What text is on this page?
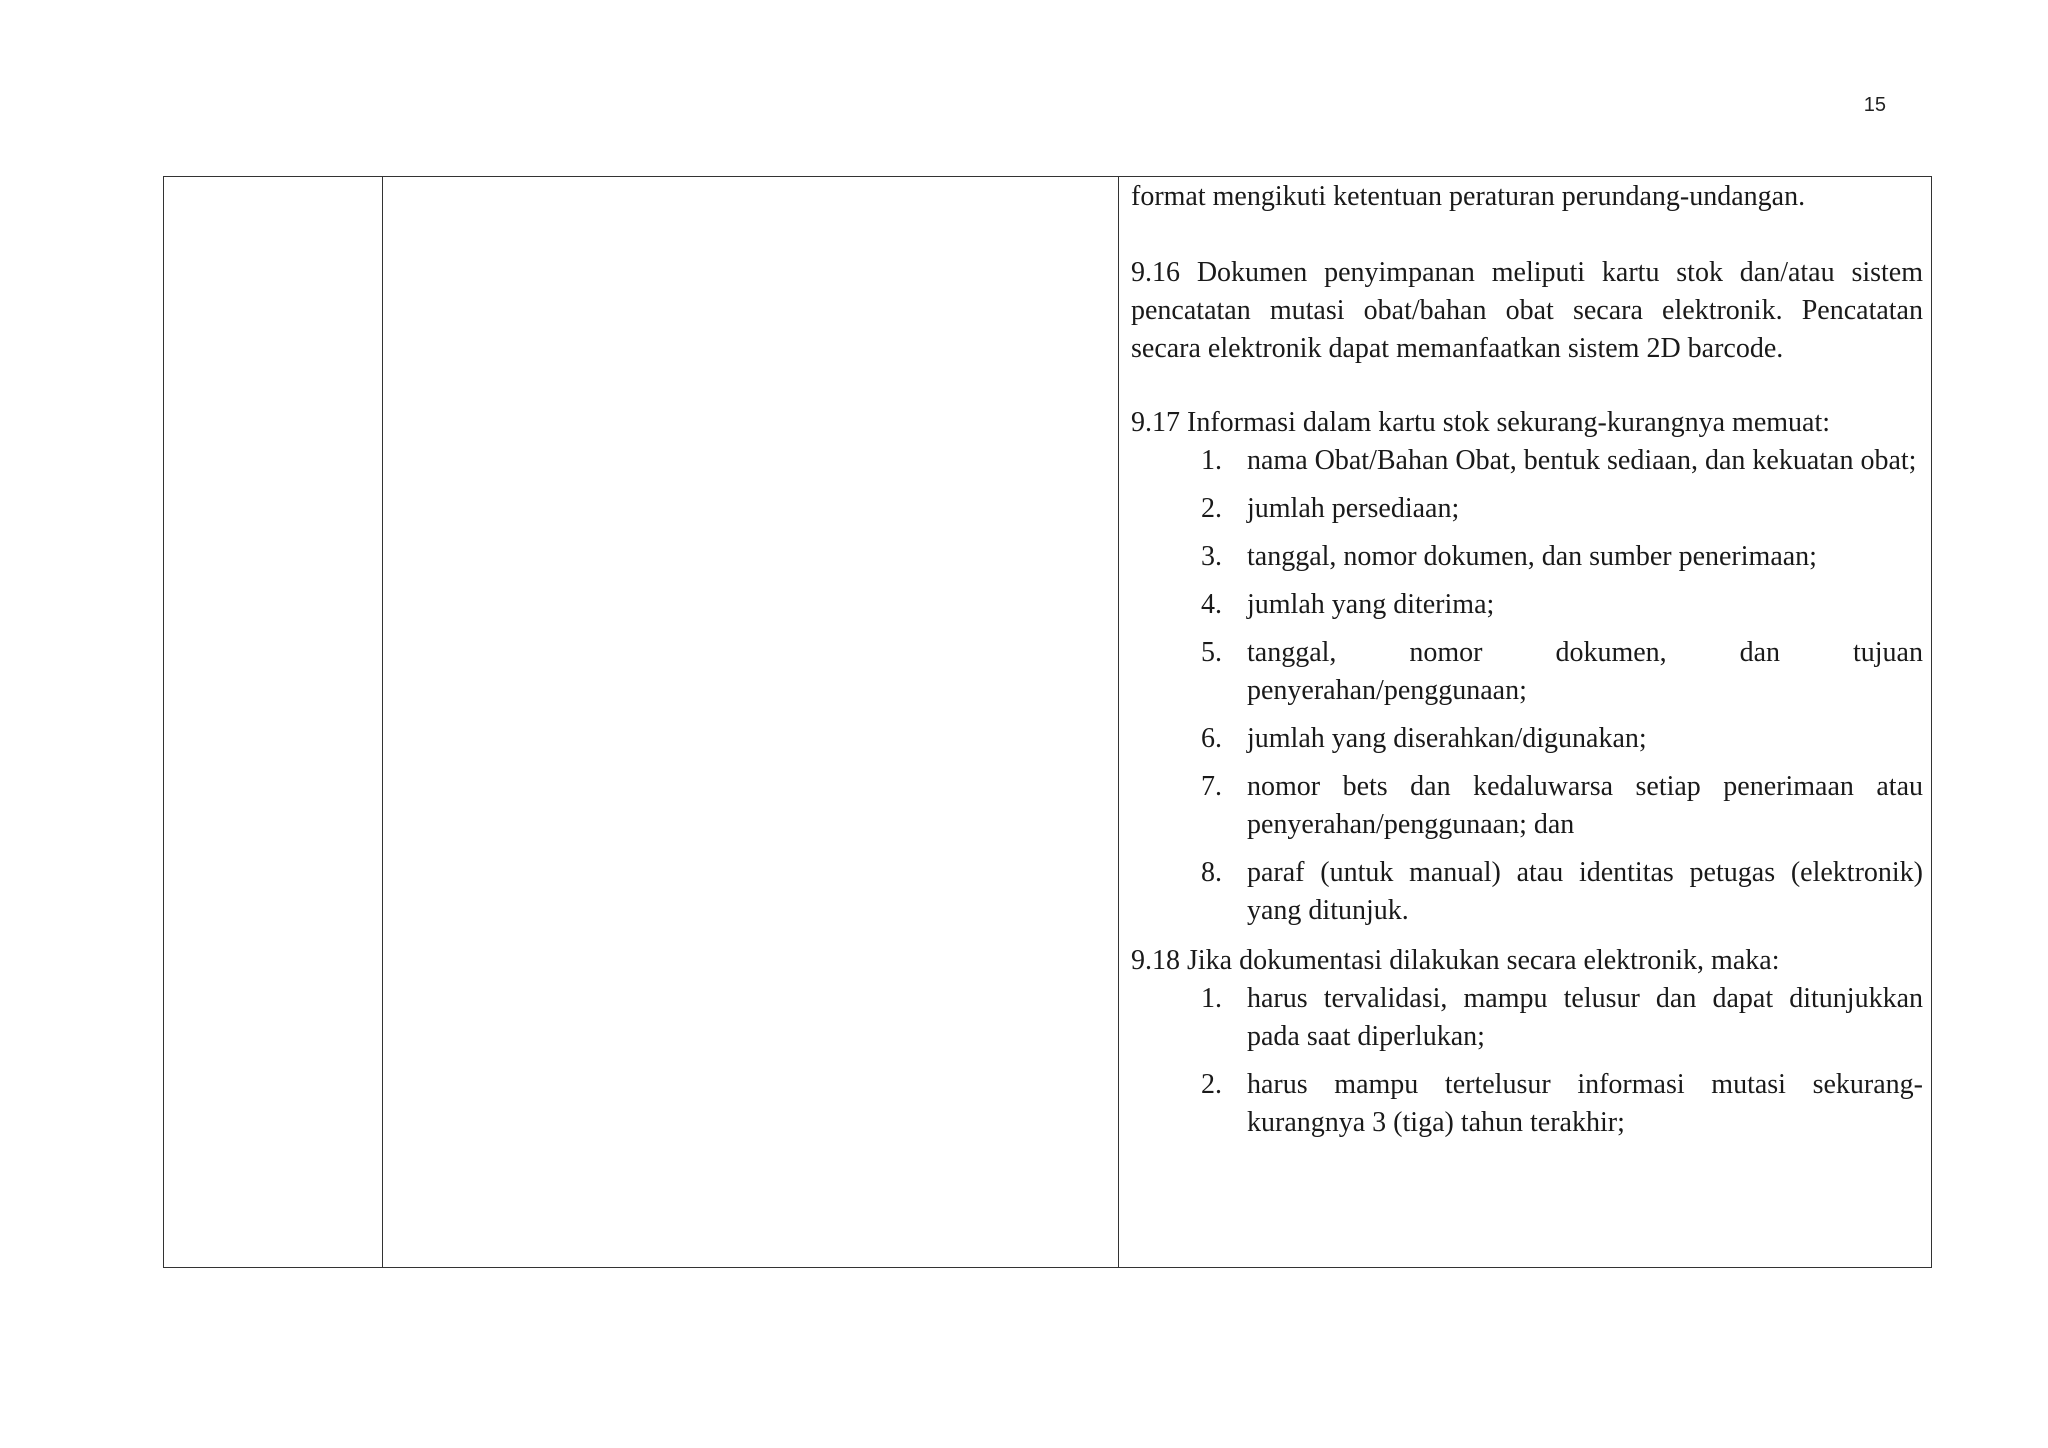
15

format mengikuti ketentuan peraturan perundang-undangan.

9.16 Dokumen penyimpanan meliputi kartu stok dan/atau sistem pencatatan mutasi obat/bahan obat secara elektronik. Pencatatan secara elektronik dapat memanfaatkan sistem 2D barcode.

9.17 Informasi dalam kartu stok sekurang-kurangnya memuat:

1. nama Obat/Bahan Obat, bentuk sediaan, dan kekuatan obat;
2. jumlah persediaan;
3. tanggal, nomor dokumen, dan sumber penerimaan;
4. jumlah yang diterima;
5. tanggal,	nomor	dokumen,	dan	tujuan
penyerahan/penggunaan;
6. jumlah yang diserahkan/digunakan;
7. nomor bets dan kedaluwarsa setiap penerimaan atau penyerahan/penggunaan; dan
8. paraf (untuk manual) atau identitas petugas (elektronik) yang ditunjuk.

9.18 Jika dokumentasi dilakukan secara elektronik, maka:

1. harus tervalidasi, mampu telusur dan dapat ditunjukkan pada saat diperlukan;
2. harus mampu tertelusur informasi mutasi sekurang-kurangnya 3 (tiga) tahun terakhir;
